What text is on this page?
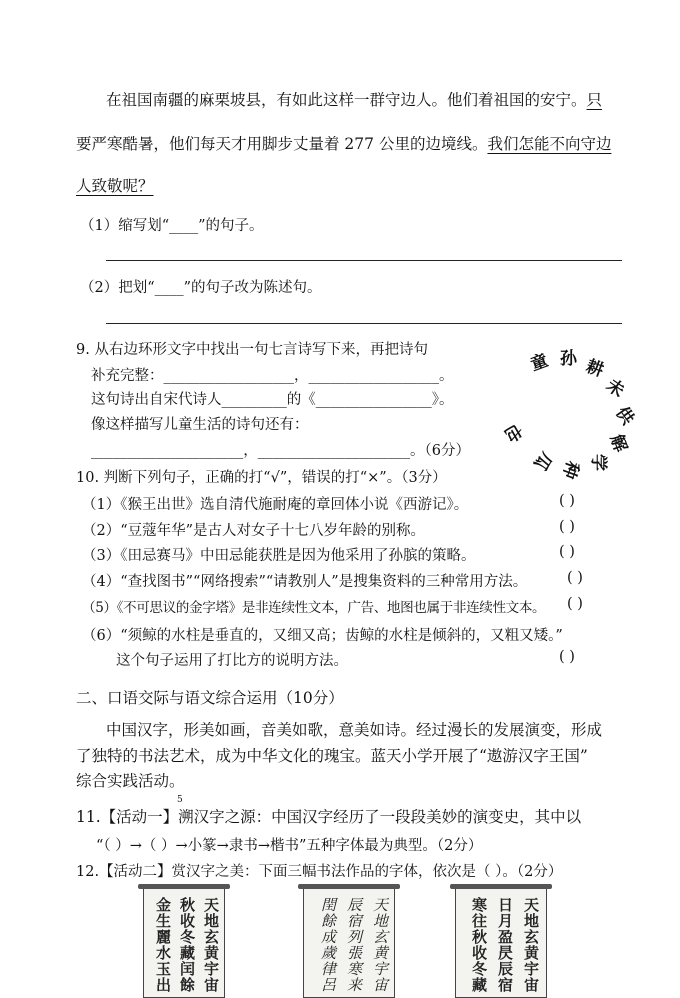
在祖国南疆的麻栗坡县，有如此这样一群守边人。他们着祖国的安宁。只
要严寒酷暑，他们每天才用脚步丈量着 277 公里的边境线。我们怎能不向守边
人致敬呢？
（1）缩写划“____”的句子。
（2）把划“____”的句子改为陈述句。
9. 从右边环形文字中找出一句七言诗写下来，再把诗句
补充完整：__________________，__________________。
这句诗出自宋代诗人_________的《________________》。
像这样描写儿童生活的诗句还有：
_____________________，_____________________。（6分）
孙
童 耕
未
供
解
学
种
瓜
也
10. 判断下列句子，正确的打“√”，错误的打“×”。（3分）
（1）《猴王出世》选自清代施耐庵的章回体小说《西游记》。	( )
（2）“豆蔻年华”是古人对女子十七八岁年龄的别称。	( )
（3）《田忌赛马》中田忌能获胜是因为他采用了孙膑的策略。	( )
（4）“查找图书”“网络搜索”“请教别人”是搜集资料的三种常用方法。	( )
（5）《不可思议的金字塔》是非连续性文本，广告、地图也属于非连续性文本。 ( )
（6）“须鲸的水柱是垂直的，又细又高；齿鲸的水柱是倾斜的，又粗又矮。”
这个句子运用了打比方的说明方法。	( )
二、口语交际与语文综合运用（10分）
中国汉字，形美如画，音美如歌，意美如诗。经过漫长的发展演变，形成
了独特的书法艺术，成为中华文化的瑰宝。蓝天小学开展了“遨游汉字王国”
综合实践活动。
5
11.【活动一】溯汉字之源：中国汉字经历了一段段美妙的演变史，其中以
“（ ）→（ ）→小篆→隶书→楷书”五种字体最为典型。（2分）
12.【活动二】赏汉字之美：下面三幅书法作品的字体，依次是（ ）。（2分）
天地玄黄宇宙
秋收冬藏闰餘
金生麗水玉出	天地玄黄宇宙
辰宿列張寒来
閏餘成歲律呂	天地玄黄宇宙
日月盈昃辰宿
寒往秋收冬藏
